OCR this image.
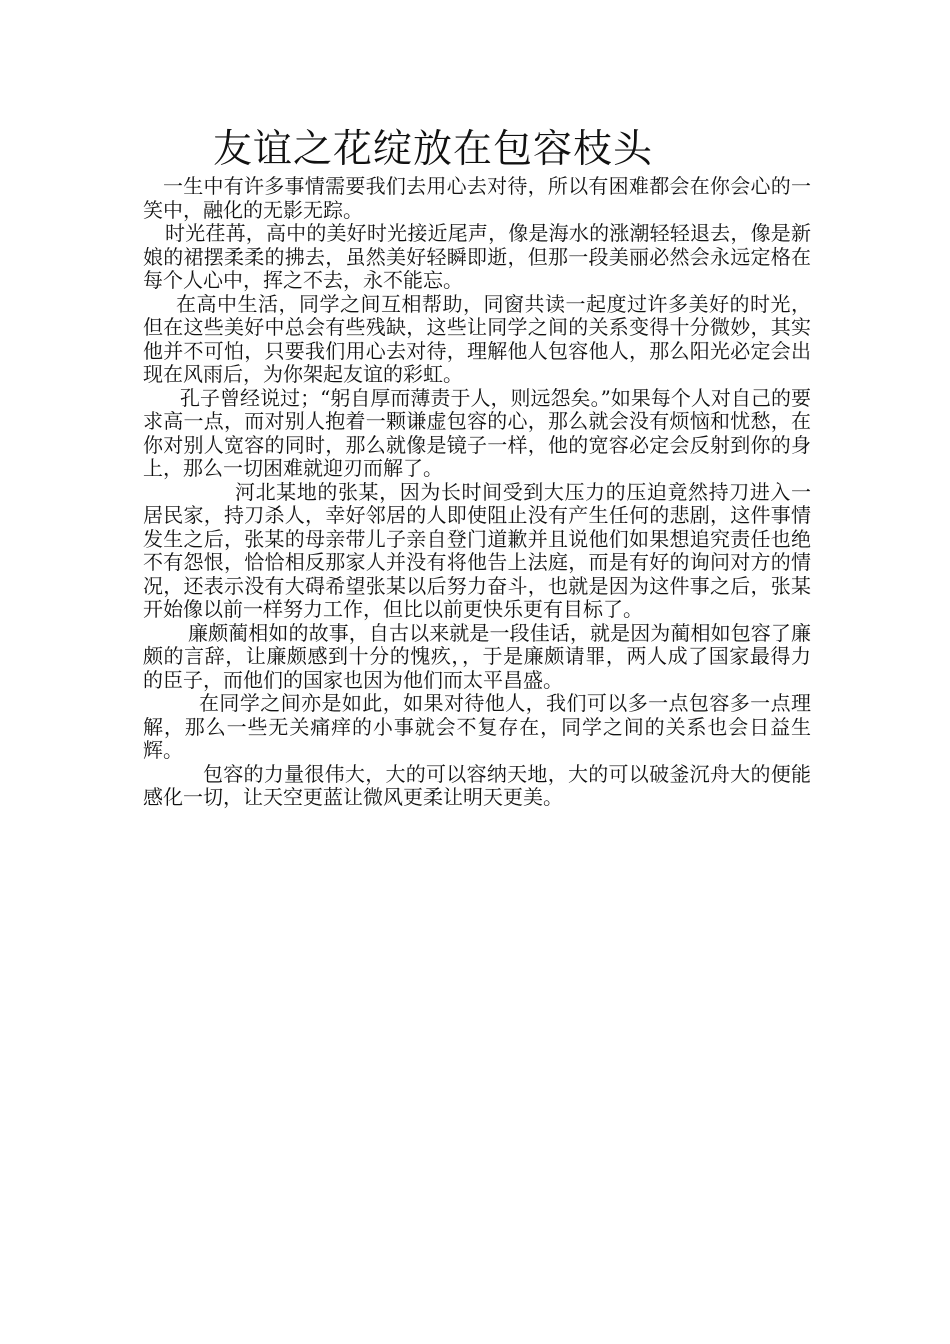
友谊之花绽放在包容枝头

一生中有许多事情需要我们去用心去对待，所以有困难都会在你会心的一笑中，融化的无影无踪。

时光荏苒，高中的美好时光接近尾声，像是海水的涨潮轻轻退去，像是新娘的裙摆柔柔的拂去，虽然美好轻瞬即逝，但那一段美丽必然会永远定格在每个人心中，挥之不去，永不能忘。

在高中生活，同学之间互相帮助，同窗共读一起度过许多美好的时光，但在这些美好中总会有些残缺，这些让同学之间的关系变得十分微妙，其实他并不可怕，只要我们用心去对待，理解他人包容他人，那么阳光必定会出现在风雨后，为你架起友谊的彩虹。

孔子曾经说过；“躬自厚而薄责于人，则远怨矣。”如果每个人对自己的要求高一点，而对别人抱着一颗谦虚包容的心，那么就会没有烦恼和忧愁，在你对别人宽容的同时，那么就像是镜子一样，他的宽容必定会反射到你的身上，那么一切困难就迎刃而解了。

河北某地的张某，因为长时间受到大压力的压迫竟然持刀进入一居民家，持刀杀人，幸好邻居的人即使阻止没有产生任何的悲剧，这件事情发生之后，张某的母亲带儿子亲自登门道歉并且说他们如果想追究责任也绝不有怨恨，恰恰相反那家人并没有将他告上法庭，而是有好的询问对方的情况，还表示没有大碍希望张某以后努力奋斗，也就是因为这件事之后，张某开始像以前一样努力工作，但比以前更快乐更有目标了。

廉颇蔺相如的故事，自古以来就是一段佳话，就是因为蔺相如包容了廉颇的言辞，让廉颇感到十分的愧疚，，于是廉颇请罪，两人成了国家最得力的臣子，而他们的国家也因为他们而太平昌盛。

在同学之间亦是如此，如果对待他人，我们可以多一点包容多一点理解，那么一些无关痛痒的小事就会不复存在，同学之间的关系也会日益生辉。

包容的力量很伟大，大的可以容纳天地，大的可以破釜沉舟大的便能感化一切，让天空更蓝让微风更柔让明天更美。
